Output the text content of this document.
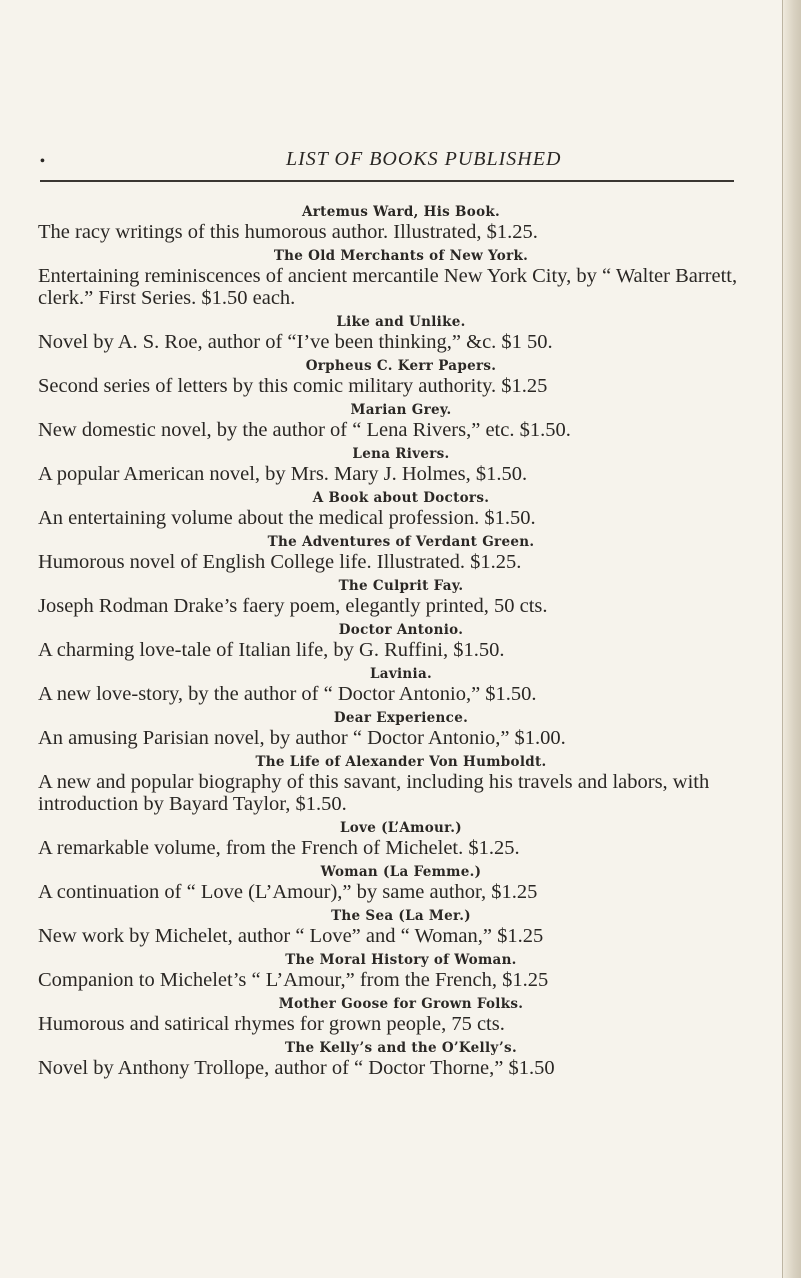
•	LIST OF BOOKS PUBLISHED
Artemus Ward, His Book.
The racy writings of this humorous author. Illustrated, $1.25.
The Old Merchants of New York.
Entertaining reminiscences of ancient mercantile New York City, by “ Walter Barrett, clerk.” First Series. $1.50 each.
Like and Unlike.
Novel by A. S. Roe, author of “I’ve been thinking,” &c. $1 50.
Orpheus C. Kerr Papers.
Second series of letters by this comic military authority. $1.25
Marian Grey.
New domestic novel, by the author of “ Lena Rivers,” etc. $1.50.
Lena Rivers.
A popular American novel, by Mrs. Mary J. Holmes, $1.50.
A Book about Doctors.
An entertaining volume about the medical profession. $1.50.
The Adventures of Verdant Green.
Humorous novel of English College life. Illustrated. $1.25.
The Culprit Fay.
Joseph Rodman Drake’s faery poem, elegantly printed, 50 cts.
Doctor Antonio.
A charming love-tale of Italian life, by G. Ruffini, $1.50.
Lavinia.
A new love-story, by the author of “ Doctor Antonio,” $1.50.
Dear Experience.
An amusing Parisian novel, by author “ Doctor Antonio,” $1.00.
The Life of Alexander Von Humboldt.
A new and popular biography of this savant, including his travels and labors, with introduction by Bayard Taylor, $1.50.
Love (L’Amour.)
A remarkable volume, from the French of Michelet. $1.25.
Woman (La Femme.)
A continuation of “ Love (L’Amour),” by same author, $1.25
The Sea (La Mer.)
New work by Michelet, author “ Love” and “ Woman,” $1.25
The Moral History of Woman.
Companion to Michelet’s “ L’Amour,” from the French, $1.25
Mother Goose for Grown Folks.
Humorous and satirical rhymes for grown people, 75 cts.
The Kelly’s and the O’Kelly’s.
Novel by Anthony Trollope, author of “ Doctor Thorne,” $1.50
